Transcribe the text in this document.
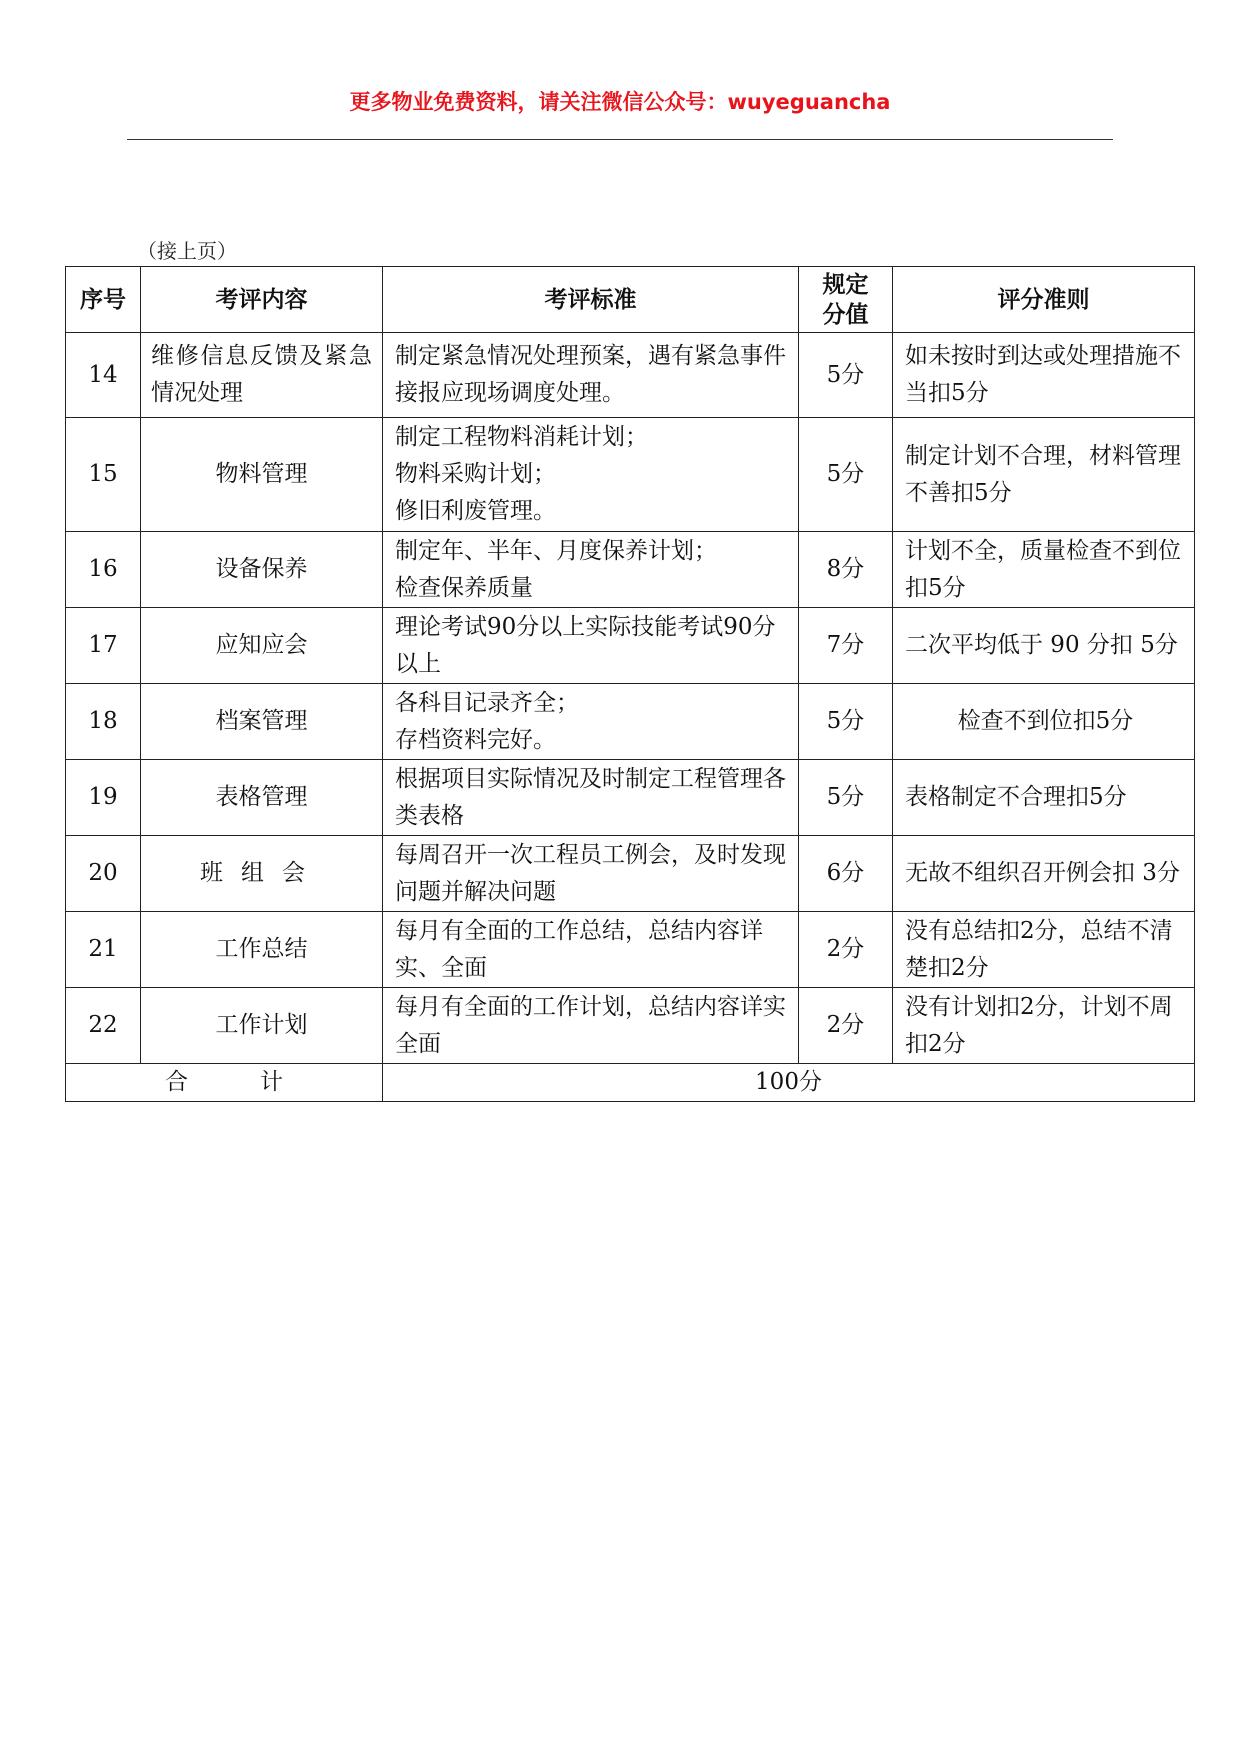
更多物业免费资料，请关注微信公众号：wuyeguancha
（接上页）
序号	考评内容	考评标准	规定
分值	评分准则
14	维修信息反馈及紧急情况处理	制定紧急情况处理预案，遇有紧急事件接报应现场调度处理。	5分	如未按时到达或处理措施不当扣5分
15	物料管理	制定工程物料消耗计划；
物料采购计划；
修旧利废管理。	5分	制定计划不合理，材料管理不善扣5分
16	设备保养	制定年、半年、月度保养计划；
检查保养质量	8分	计划不全，质量检查不到位扣5分
17	应知应会	理论考试90分以上实际技能考试90分以上	7分	二次平均低于 90 分扣 5分
18	档案管理	各科目记录齐全；
存档资料完好。	5分	检查不到位扣5分
19	表格管理	根据项目实际情况及时制定工程管理各类表格	5分	表格制定不合理扣5分
20	班组会	每周召开一次工程员工例会，及时发现问题并解决问题	6分	无故不组织召开例会扣 3分
21	工作总结	每月有全面的工作总结，总结内容详实、全面	2分	没有总结扣2分，总结不清楚扣2分
22	工作计划	每月有全面的工作计划，总结内容详实全面	2分	没有计划扣2分，计划不周扣2分
合 计		100分		
